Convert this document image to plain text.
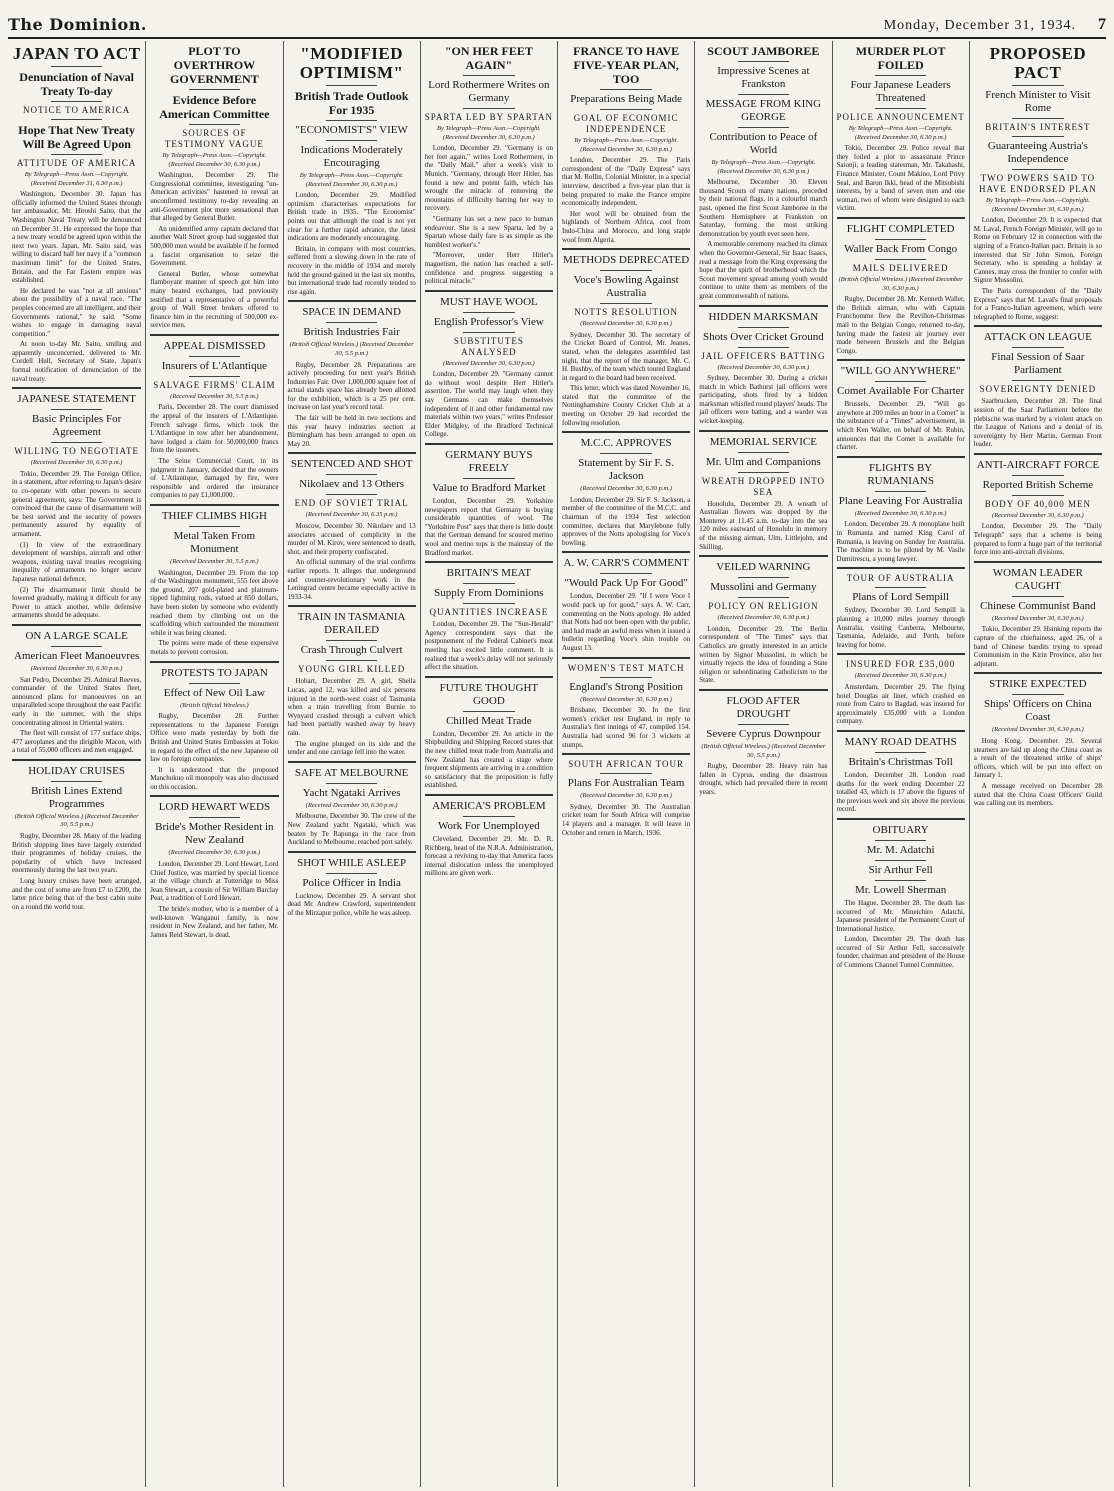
The Dominion.	Monday, December 31, 1934. 7
JAPAN TO ACT
Denunciation of Naval Treaty To-day
NOTICE TO AMERICA
Hope That New Treaty Will Be Agreed Upon
ATTITUDE OF AMERICA
By Telegraph—Press Assn.—Copyright. (Received December 31, 6.30 p.m.)

Washington, December 30. Japan has officially informed the United States through her ambassador, Mr. Hiroshi Saito, that the Washington Naval Treaty will be denounced on December 31. He expressed the hope that a new treaty would be agreed upon within the next two years. Japan, Mr. Saito said, was willing to discard half her navy if a "common maximum limit" for the United States, Britain, and the Far Eastern empire was established.

He declared he was "not at all anxious" about the possibility of a naval race. "The peoples concerned are all intelligent, and their Governments rational," he said. "Some wishes to engage in damaging naval competition."

At noon to-day Mr. Saito, smiling and apparently unconcerned, delivered to Mr. Cordell Hull, Secretary of State, Japan's formal notification of denunciation of the naval treaty.

JAPANESE STATEMENT
Basic Principles For Agreement
WILLING TO NEGOTIATE
(Received December 30, 6.30 p.m.)

Tokio, December 29. The Foreign Office, in a statement, after referring to Japan's desire to co-operate with other powers to secure general agreement, says: The Government is convinced that the cause of disarmament will be best served and the security of powers permanently assured by equality of armament.

(1) In view of the extraordinary development of warships, aircraft and other weapons, existing naval treaties recognising inequality of armaments no longer secure Japanese national defence.

(2) The disarmament limit should be lowered gradually, making it difficult for any Power to attack another, while defensive armaments should be adequate.

ON A LARGE SCALE
American Fleet Manoeuvres
(Received December 30, 6.30 p.m.)

San Pedro, December 29. Admiral Reeves, commander of the United States fleet, announced plans for manoeuvres on an unparalleled scope throughout the east Pacific early in the summer, with the ships concentrating almost in Oriental waters.

The fleet will consist of 177 surface ships, 477 aeroplanes and the dirigible Macon, with a total of 55,000 officers and men engaged.

HOLIDAY CRUISES
British Lines Extend Programmes
(British Official Wireless.) (Received December 30, 5.5 p.m.)

Rugby, December 28. Many of the leading British shipping lines have largely extended their programmes of holiday cruises, the popularity of which have increased enormously during the last two years.

Long luxury cruises have been arranged, and the cost of some are from £7 to £200, the latter price being that of the best cabin suite on a round the world tour.

PLOT TO OVERTHROW GOVERNMENT
Evidence Before American Committee
SOURCES OF TESTIMONY VAGUE
By Telegraph—Press Assn.—Copyright. (Received December 30, 6.30 p.m.)

Washington, December 29. The Congressional committee, investigating "un-American activities" hastened to reveal an unconfirmed testimony to-day revealing an anti-Government plot more sensational than that alleged by General Butler.

An unidentified army captain declared that another Wall Street group had suggested that 500,000 men would be available if he formed a fascist organisation to seize the Government.

General Butler, whose somewhat flamboyant manner of speech got him into many heated exchanges, had previously testified that a representative of a powerful group of Wall Street brokers offered to finance him in the recruiting of 500,000 ex-service men.

APPEAL DISMISSED
Insurers of L'Atlantique
SALVAGE FIRMS' CLAIM
(Received December 30, 5.5 p.m.)

Paris, December 28. The court dismissed the appeal of the insurers of L'Atlantique. French salvage firms, which took the L'Atlantique in tow after her abandonment, have lodged a claim for 50,000,000 francs from the insurers.

The Seine Commercial Court, in its judgment in January, decided that the owners of L'Atlantique, damaged by fire, were responsible and ordered the insurance companies to pay £1,000,000.

THIEF CLIMBS HIGH
Metal Taken From Monument
(Received December 30, 5.5 p.m.)

Washington, December 29. From the top of the Washington monument, 555 feet above the ground, 207 gold-plated and platinum-tipped lightning rods, valued at 850 dollars, have been stolen by someone who evidently reached them by climbing out on the scaffolding which surrounded the monument while it was being cleaned.

The points were made of these expensive metals to prevent corrosion.

PROTESTS TO JAPAN
Effect of New Oil Law
(British Official Wireless.)

Rugby, December 28. Further representations to the Japanese Foreign Office were made yesterday by both the British and United States Embassies at Tokio in regard to the effect of the new Japanese oil law on foreign companies.

It is understood that the proposed Manchukuo oil monopoly was also discussed on this occasion.

LORD HEWART WEDS
Bride's Mother Resident in New Zealand
(Received December 30, 6.30 p.m.)

London, December 29. Lord Hewart, Lord Chief Justice, was married by special licence at the village church at Totteridge to Miss Jean Stewart, a cousin of Sir William Barclay Peat, a tradition of Lord Hewart.

The bride's mother, who is a member of a well-known Wanganui family, is now resident in New Zealand, and her father, Mr. James Reid Stewart, is dead.

"MODIFIED OPTIMISM"
British Trade Outlook For 1935
"ECONOMIST'S" VIEW
Indications Moderately Encouraging
By Telegraph—Press Assn.—Copyright. (Received December 30, 6.30 p.m.)

London, December 29. Modified optimism characterises expectations for British trade in 1935. "The Economist" points out that although the road is not yet clear for a further rapid advance, the latest indications are moderately encouraging.

Britain, in company with most countries, suffered from a slowing down in the rate of recovery in the middle of 1934 and merely held the ground gained in the last six months, but international trade had recently tended to rise again.

SPACE IN DEMAND
British Industries Fair
(British Official Wireless.) (Received December 30, 5.5 p.m.)

Rugby, December 28. Preparations are actively proceeding for next year's British Industries Fair. Over 1,000,000 square feet of actual stands space has already been allotted for the exhibition, which is a 25 per cent. increase on last year's record total.

The fair will be held in two sections and this year heavy industries section at Birmingham has been arranged to open on May 20.

SENTENCED AND SHOT
Nikolaev and 13 Others
END OF SOVIET TRIAL
(Received December 30, 6.35 p.m.)

Moscow, December 30. Nikolaev and 13 associates accused of complicity in the murder of M. Kirov, were sentenced to death, shot, and their property confiscated.

An official summary of the trial confirms earlier reports. It alleges that underground and counter-revolutionary work in the Leningrad centre became especially active in 1933-34.

TRAIN IN TASMANIA DERAILED
Crash Through Culvert
YOUNG GIRL KILLED

Hobart, December 29. A girl, Sheila Lucas, aged 12, was killed and six persons injured in the north-west coast of Tasmania when a train travelling from Burnie to Wynyard crashed through a culvert which had been partially washed away by heavy rain.

The engine plunged on its side and the tender and one carriage fell into the water.

SAFE AT MELBOURNE
Yacht Ngataki Arrives
(Received December 30, 6.30 p.m.)

Melbourne, December 30. The crew of the New Zealand yacht Ngataki, which was beaten by Te Rapunga in the race from Auckland to Melbourne, reached port safely.

SHOT WHILE ASLEEP
Police Officer in India

Lucknow, December 29. A servant shot dead Mr. Andrew Crawford, superintendent of the Mirzapur police, while he was asleep.

"ON HER FEET AGAIN"
Lord Rothermere Writes on Germany
SPARTA LED BY SPARTAN
By Telegraph—Press Assn.—Copyright. (Received December 30, 6.30 p.m.)

London, December 29. "Germany is on her feet again," writes Lord Rothermere, in the "Daily Mail," after a week's visit to Munich. "Germany, through Herr Hitler, has found a new and potent faith, which has wrought the miracle of removing the mountains of difficulty barring her way to recovery.

"Germany has set a new pace to human endeavour. She is a new Sparta, led by a Spartan whose daily fare is as simple as the humblest worker's."

"Moreover, under Herr Hitler's magnetism, the nation has reached a self-confidence and progress suggesting a political miracle."

MUST HAVE WOOL
English Professor's View
SUBSTITUTES ANALYSED
(Received December 30, 6.30 p.m.)

London, December 29. "Germany cannot do without wool despite Herr Hitler's assertion. The world may laugh when they say Germans can make themselves independent of it and other fundamental raw materials within two years," writes Professor Elder Midgley, of the Bradford Technical College.

GERMANY BUYS FREELY
Value to Bradford Market

London, December 29. Yorkshire newspapers report that Germany is buying considerable quantities of wool. The "Yorkshire Post" says that there is little doubt that the German demand for scoured merino wool and merino tops is the mainstay of the Bradford market.

BRITAIN'S MEAT
Supply From Dominions
QUANTITIES INCREASE

London, December 29. The "Sun-Herald" Agency correspondent says that the postponement of the Federal Cabinet's meat meeting has excited little comment. It is realised that a week's delay will not seriously affect the situation.

FUTURE THOUGHT GOOD
Chilled Meat Trade

London, December 29. An article in the Shipbuilding and Shipping Record states that the new chilled meat trade from Australia and New Zealand has created a stage where frequent shipments are arriving in a condition so satisfactory that the proposition is fully established.

AMERICA'S PROBLEM
Work For Unemployed

Cleveland, December 29. Mr. D. R. Richberg, head of the N.R.A. Administration, forecast a reviving to-day that America faces internal dislocation unless the unemployed millions are given work.

FRANCE TO HAVE FIVE-YEAR PLAN, TOO
Preparations Being Made
GOAL OF ECONOMIC INDEPENDENCE
By Telegraph—Press Assn.—Copyright. (Received December 30, 6.30 p.m.)

London, December 29. The Paris correspondent of the "Daily Express" says that M. Rollin, Colonial Minister, in a special interview, described a five-year plan that is being prepared to make the France empire economically independent.

Her wool will be obtained from the highlands of Northern Africa, cool from Indo-China and Morocco, and long staple wool from Algeria.

METHODS DEPRECATED
Voce's Bowling Against Australia
NOTTS RESOLUTION
(Received December 30, 6.30 p.m.)

Sydney, December 30. The secretary of the Cricket Board of Control, Mr. Jeanes, stated, when the delegates assembled last night, that the report of the manager, Mr. C. H. Bushby, of the team which toured England in regard to the board had been received.

This letter, which was dated November 16, stated that the committee of the Nottinghamshire County Cricket Club at a meeting on October 29 had recorded the following resolution.

M.C.C. APPROVES
Statement by Sir F. S. Jackson
(Received December 30, 6.30 p.m.)

London, December 29. Sir F. S. Jackson, a member of the committee of the M.C.C. and chairman of the 1934 Test selection committee, declares that Marylebone fully approves of the Notts apologising for Voce's bowling.

A. W. CARR'S COMMENT
"Would Pack Up For Good"

London, December 29. "If I were Voce I would pack up for good," says A. W. Carr, commenting on the Notts apology. He added that Notts had not been open with the public, and had made an awful mess when it issued a bulletin regarding Voce's shin trouble on August 13.

WOMEN'S TEST MATCH
England's Strong Position
(Received December 30, 6.30 p.m.)

Brisbane, December 30. In the first women's cricket test England, in reply to Australia's first innings of 47, compiled 154. Australia had scored 96 for 3 wickets at stumps.

SOUTH AFRICAN TOUR
Plans For Australian Team
(Received December 30, 6.30 p.m.)

Sydney, December 30. The Australian cricket team for South Africa will comprise 14 players and a manager. It will leave in October and return in March, 1936.

SCOUT JAMBOREE
Impressive Scenes at Frankston
MESSAGE FROM KING GEORGE
Contribution to Peace of World
By Telegraph—Press Assn.—Copyright. (Received December 30, 6.30 p.m.)

Melbourne, December 30. Eleven thousand Scouts of many nations, preceded by their national flags, in a colourful march past, opened the first Scout Jamboree in the Southern Hemisphere at Frankston on Saturday, forming the most striking demonstration by youth ever seen here.

A memorable ceremony reached its climax when the Governor-General, Sir Isaac Isaacs, read a message from the King expressing the hope that the spirit of brotherhood which the Scout movement spread among youth would continue to unite them as members of the great commonwealth of nations.

HIDDEN MARKSMAN
Shots Over Cricket Ground
JAIL OFFICERS BATTING
(Received December 30, 6.30 p.m.)

Sydney, December 30. During a cricket match in which Bathurst jail officers were participating, shots fired by a hidden marksman whistled round players' heads. The jail officers were batting, and a warder was wicket-keeping.

MEMORIAL SERVICE
Mr. Ulm and Companions
WREATH DROPPED INTO SEA

Honolulu, December 29. A wreath of Australian flowers was dropped by the Monterey at 11.45 a.m. to-day into the sea 120 miles eastward of Honolulu in memory of the missing airman, Ulm, Littlejohn, and Skilling.

VEILED WARNING
Mussolini and Germany
POLICY ON RELIGION
(Received December 30, 6.30 p.m.)

London, December 29. The Berlin correspondent of "The Times" says that Catholics are greatly interested in an article written by Signor Mussolini, in which he virtually rejects the idea of founding a State religion or subordinating Catholicism to the State.

FLOOD AFTER DROUGHT
Severe Cyprus Downpour
(British Official Wireless.) (Received December 30, 5.5 p.m.)

Rugby, December 28. Heavy rain has fallen in Cyprus, ending the disastrous drought, which had prevailed there in recent years.

MURDER PLOT FOILED
Four Japanese Leaders Threatened
POLICE ANNOUNCEMENT
By Telegraph—Press Assn.—Copyright. (Received December 30, 6.30 p.m.)

Tokio, December 29. Police reveal that they foiled a plot to assassinate Prince Saionji, a leading statesman, Mr. Takahashi, Finance Minister, Count Makino, Lord Privy Seal, and Baron Ikki, head of the Mitsubishi interests, by a band of seven men and one woman, two of whom were designed to each victim.

FLIGHT COMPLETED
Waller Back From Congo
MAILS DELIVERED
(British Official Wireless.) (Received December 30, 6.30 p.m.)

Rugby, December 28. Mr. Kenneth Waller, the British airman, who with Captain Franchomme flew the Revillon-Christmas mail to the Belgian Congo, returned to-day, having made the fastest air journey ever made between Brussels and the Belgian Congo.

"WILL GO ANYWHERE"
Comet Available For Charter

Brussels, December 29. "Will go anywhere at 200 miles an hour in a Comet" is the substance of a "Times" advertisement, in which Ken Waller, on behalf of Mr. Rubin, announces that the Comet is available for charter.

FLIGHTS BY RUMANIANS
Plane Leaving For Australia
(Received December 30, 6.30 p.m.)

London, December 29. A monoplane built in Rumania and named King Carol of Rumania, is leaving on Sunday for Australia. The machine is to be piloted by M. Vasile Dumitrescu, a young lawyer.

TOUR OF AUSTRALIA
Plans of Lord Sempill

Sydney, December 30. Lord Sempill is planning a 10,000 miles journey through Australia, visiting Canberra, Melbourne, Tasmania, Adelaide, and Perth, before leaving for home.

INSURED FOR £35,000
(Received December 30, 6.30 p.m.)

Amsterdam, December 29. The flying hotel Douglas air liner, which crashed en route from Cairo to Bagdad, was insured for approximately £35,000 with a London company.

MANY ROAD DEATHS
Britain's Christmas Toll

London, December 28. London road deaths for the week ending December 22 totalled 43, which is 17 above the figures of the previous week and six above the previous record.

OBITUARY
Mr. M. Adatchi
Sir Arthur Fell
Mr. Lowell Sherman

The Hague, December 28. The death has occurred of Mr. Mineichiro Adatchi, Japanese president of the Permanent Court of International Justice.

London, December 29. The death has occurred of Sir Arthur Fell, successively founder, chairman and president of the House of Commons Channel Tunnel Committee.

PROPOSED PACT
French Minister to Visit Rome
BRITAIN'S INTEREST
Guaranteeing Austria's Independence
TWO POWERS SAID TO HAVE ENDORSED PLAN
By Telegraph—Press Assn.—Copyright. (Received December 30, 6.30 p.m.)

London, December 29. It is expected that M. Laval, French Foreign Minister, will go to Rome on February 12 in connection with the signing of a Franco-Italian pact. Britain is so interested that Sir John Simon, Foreign Secretary, who is spending a holiday at Cannes, may cross the frontier to confer with Signor Mussolini.

The Paris correspondent of the "Daily Express" says that M. Laval's final proposals for a Franco-Italian agreement, which were telegraphed to Rome, suggest:

ATTACK ON LEAGUE
Final Session of Saar Parliament
SOVEREIGNTY DENIED

Saarbrucken, December 28. The final session of the Saar Parliament before the plebiscite was marked by a violent attack on the League of Nations and a denial of its sovereignty by Herr Martin, German Front leader.

ANTI-AIRCRAFT FORCE
Reported British Scheme
BODY OF 40,000 MEN
(Received December 30, 6.30 p.m.)

London, December 29. The "Daily Telegraph" says that a scheme is being prepared to form a huge part of the territorial force into anti-aircraft divisions.

WOMAN LEADER CAUGHT
Chinese Communist Band
(Received December 30, 6.30 p.m.)

Tokio, December 29. Hsinking reports the capture of the chieftainess, aged 26, of a band of Chinese bandits trying to spread Communism in the Kirin Province, also her adjutant.

STRIKE EXPECTED
Ships' Officers on China Coast
(Received December 30, 6.30 p.m.)

Hong Kong, December 29. Several steamers are laid up along the China coast as a result of the threatened strike of ships' officers, which will be put into effect on January 1.

A message received on December 28 stated that the China Coast Officers' Guild was calling out its members.
